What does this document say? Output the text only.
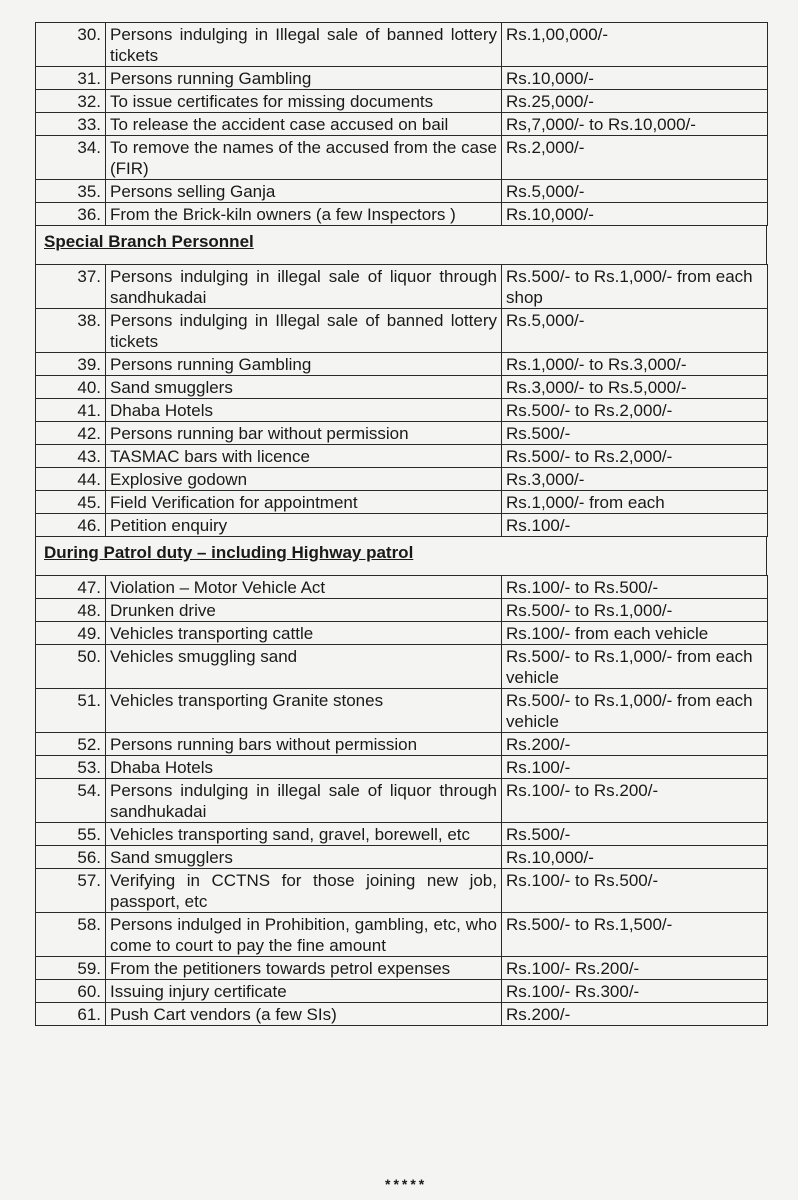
30.	Persons indulging in Illegal sale of banned lottery tickets	Rs.1,00,000/-
31.	Persons running Gambling	Rs.10,000/-
32.	To issue certificates for missing documents	Rs.25,000/-
33.	To release the accident case accused on bail	Rs,7,000/- to Rs.10,000/-
34.	To remove the names of the accused from the case (FIR)	Rs.2,000/-
35.	Persons selling Ganja	Rs.5,000/-
36.	From the Brick-kiln owners (a few Inspectors )	Rs.10,000/-
Special Branch Personnel
37.	Persons indulging in illegal sale of liquor through sandhukadai	Rs.500/- to Rs.1,000/- from each shop
38.	Persons indulging in Illegal sale of banned lottery tickets	Rs.5,000/-
39.	Persons running Gambling	Rs.1,000/- to Rs.3,000/-
40.	Sand smugglers	Rs.3,000/- to Rs.5,000/-
41.	Dhaba Hotels	Rs.500/- to Rs.2,000/-
42.	Persons running bar without permission	Rs.500/-
43.	TASMAC bars with licence	Rs.500/- to Rs.2,000/-
44.	Explosive godown	Rs.3,000/-
45.	Field Verification for appointment	Rs.1,000/- from each
46.	Petition enquiry	Rs.100/-
During Patrol duty – including Highway patrol
47.	Violation – Motor Vehicle Act	Rs.100/- to Rs.500/-
48.	Drunken drive	Rs.500/- to Rs.1,000/-
49.	Vehicles transporting cattle	Rs.100/- from each vehicle
50.	Vehicles smuggling sand	Rs.500/- to Rs.1,000/- from each vehicle
51.	Vehicles transporting Granite stones	Rs.500/- to Rs.1,000/- from each vehicle
52.	Persons running bars without permission	Rs.200/-
53.	Dhaba Hotels	Rs.100/-
54.	Persons indulging in illegal sale of liquor through sandhukadai	Rs.100/- to Rs.200/-
55.	Vehicles transporting sand, gravel, borewell, etc	Rs.500/-
56.	Sand smugglers	Rs.10,000/-
57.	Verifying in CCTNS for those joining new job, passport, etc	Rs.100/- to Rs.500/-
58.	Persons indulged in Prohibition, gambling, etc, who come to court to pay the fine amount	Rs.500/- to Rs.1,500/-
59.	From the petitioners towards petrol expenses	Rs.100/- Rs.200/-
60.	Issuing injury certificate	Rs.100/- Rs.300/-
61.	Push Cart vendors (a few SIs)	Rs.200/-
*****
